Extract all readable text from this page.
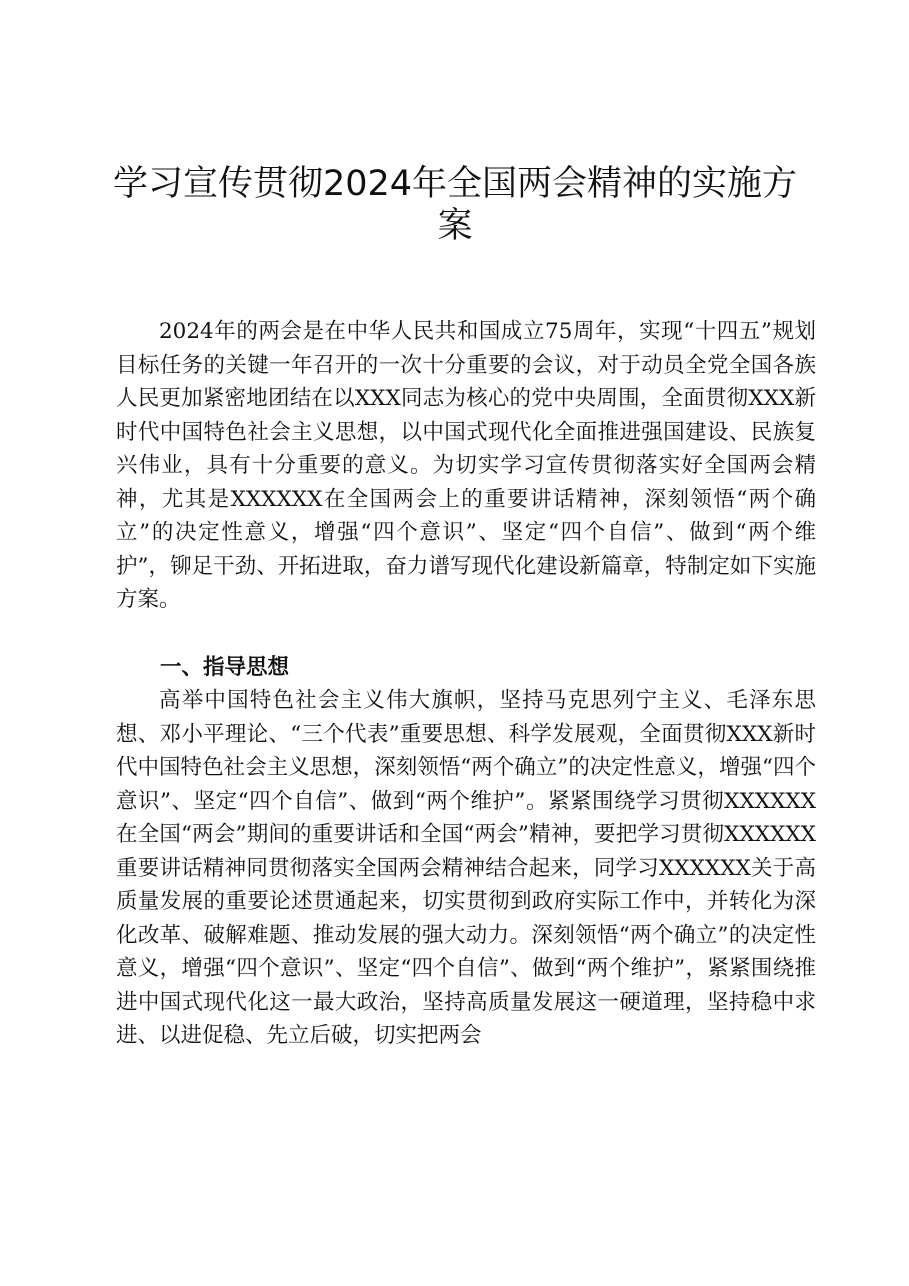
学习宣传贯彻2024年全国两会精神的实施方
案
2024年的两会是在中华人民共和国成立75周年，实现“十四五”规划目标任务的关键一年召开的一次十分重要的会议，对于动员全党全国各族人民更加紧密地团结在以XXX同志为核心的党中央周围，全面贯彻XXX新时代中国特色社会主义思想，以中国式现代化全面推进强国建设、民族复兴伟业，具有十分重要的意义。为切实学习宣传贯彻落实好全国两会精神，尤其是XXXXXX在全国两会上的重要讲话精神，深刻领悟“两个确立”的决定性意义，增强“四个意识”、坚定“四个自信”、做到“两个维护”，铆足干劲、开拓进取，奋力谱写现代化建设新篇章，特制定如下实施方案。
一、指导思想
高举中国特色社会主义伟大旗帜，坚持马克思列宁主义、毛泽东思想、邓小平理论、“三个代表”重要思想、科学发展观，全面贯彻XXX新时代中国特色社会主义思想，深刻领悟“两个确立”的决定性意义，增强“四个意识”、坚定“四个自信”、做到“两个维护”。紧紧围绕学习贯彻XXXXXX在全国“两会”期间的重要讲话和全国“两会”精神，要把学习贯彻XXXXXX重要讲话精神同贯彻落实全国两会精神结合起来，同学习XXXXXX关于高质量发展的重要论述贯通起来，切实贯彻到政府实际工作中，并转化为深化改革、破解难题、推动发展的强大动力。深刻领悟“两个确立”的决定性意义，增强“四个意识”、坚定“四个自信”、做到“两个维护”，紧紧围绕推进中国式现代化这一最大政治，坚持高质量发展这一硬道理，坚持稳中求进、以进促稳、先立后破，切实把两会
